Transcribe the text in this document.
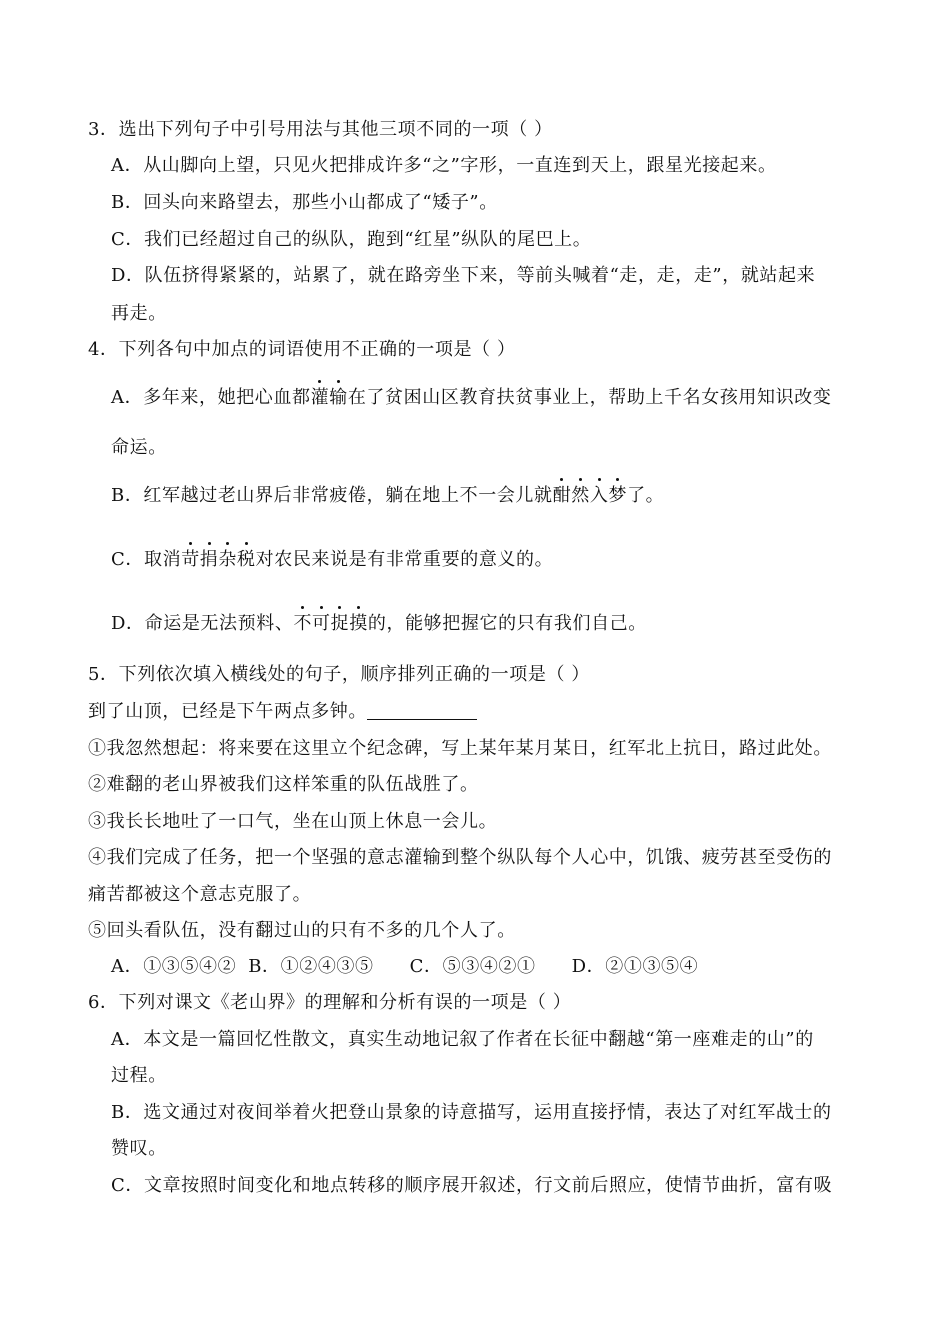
3．选出下列句子中引号用法与其他三项不同的一项（ ）
A．从山脚向上望，只见火把排成许多“之”字形，一直连到天上，跟星光接起来。
B．回头向来路望去，那些小山都成了“矮子”。
C．我们已经超过自己的纵队，跑到“红星”纵队的尾巴上。
D．队伍挤得紧紧的，站累了，就在路旁坐下来，等前头喊着“走，走，走”，就站起来
再走。
4．下列各句中加点的词语使用不正确的一项是（ ）
A．多年来，她把心血都灌输在了贫困山区教育扶贫事业上，帮助上千名女孩用知识改变
命运。
B．红军越过老山界后非常疲倦，躺在地上不一会儿就酣然入梦了。
C．取消苛捐杂税对农民来说是有非常重要的意义的。
D．命运是无法预料、不可捉摸的，能够把握它的只有我们自己。
5．下列依次填入横线处的句子，顺序排列正确的一项是（ ）
到了山顶，已经是下午两点多钟。
①我忽然想起：将来要在这里立个纪念碑，写上某年某月某日，红军北上抗日，路过此处。
②难翻的老山界被我们这样笨重的队伍战胜了。
③我长长地吐了一口气，坐在山顶上休息一会儿。
④我们完成了任务，把一个坚强的意志灌输到整个纵队每个人心中，饥饿、疲劳甚至受伤的
痛苦都被这个意志克服了。
⑤回头看队伍，没有翻过山的只有不多的几个人了。
A．①③⑤④② B．①②④③⑤ C．⑤③④②① D．②①③⑤④
6．下列对课文《老山界》的理解和分析有误的一项是（ ）
A．本文是一篇回忆性散文，真实生动地记叙了作者在长征中翻越“第一座难走的山”的
过程。
B．选文通过对夜间举着火把登山景象的诗意描写，运用直接抒情，表达了对红军战士的
赞叹。
C．文章按照时间变化和地点转移的顺序展开叙述，行文前后照应，使情节曲折，富有吸
